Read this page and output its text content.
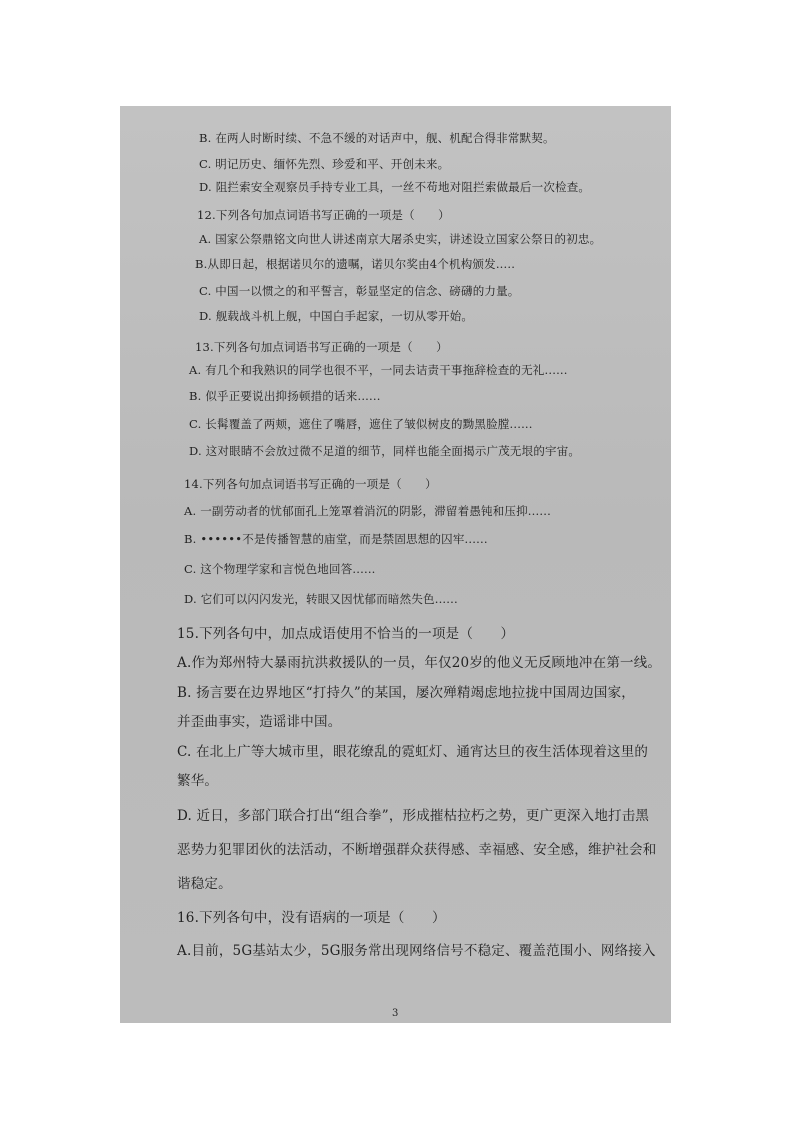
B. 在两人时断时续、不急不缓的对话声中，舰、机配合得非常默契。
C. 明记历史、缅怀先烈、珍爱和平、开创未来。
D. 阻拦索安全观察员手持专业工具，一丝不苟地对阻拦索做最后一次检查。
12.下列各句加点词语书写正确的一项是（　　）
A. 国家公祭鼎铭文向世人讲述南京大屠杀史实，讲述设立国家公祭日的初忠。
B.从即日起，根据诺贝尔的遗嘱，诺贝尔奖由4个机构颁发.....
C. 中国一以惯之的和平誓言，彰显坚定的信念、磅礴的力量。
D. 舰载战斗机上舰，中国白手起家，一切从零开始。
13.下列各句加点词语书写正确的一项是（　　）
A. 有几个和我熟识的同学也很不平，一同去诘责干事拖辞检查的无礼......
B. 似乎正要说出抑扬顿措的话来......
C. 长髯覆盖了两颊，遮住了嘴唇，遮住了皱似树皮的黝黑脸膛......
D. 这对眼睛不会放过微不足道的细节，同样也能全面揭示广茂无垠的宇宙。
14.下列各句加点词语书写正确的一项是（　　）
A. 一副劳动者的忧郁面孔上笼罩着消沉的阴影，滞留着愚钝和压抑......
B. ••••••不是传播智慧的庙堂，而是禁固思想的囚牢......
C. 这个物理学家和言悦色地回答......
D. 它们可以闪闪发光，转眼又因忧郁而暗然失色......
15.下列各句中，加点成语使用不恰当的一项是（　　）
A.作为郑州特大暴雨抗洪救援队的一员，年仅20岁的他义无反顾地冲在第一线。
B. 扬言要在边界地区“打持久”的某国，屡次殚精竭虑地拉拢中国周边国家，
并歪曲事实，造谣诽中国。
C. 在北上广等大城市里，眼花缭乱的霓虹灯、通宵达旦的夜生活体现着这里的
繁华。
D. 近日，多部门联合打出“组合拳”，形成摧枯拉朽之势，更广更深入地打击黑
恶势力犯罪团伙的法活动，不断增强群众获得感、幸福感、安全感，维护社会和
谐稳定。
16.下列各句中，没有语病的一项是（　　）
A.目前，5G基站太少，5G服务常出现网络信号不稳定、覆盖范围小、网络接入
3
